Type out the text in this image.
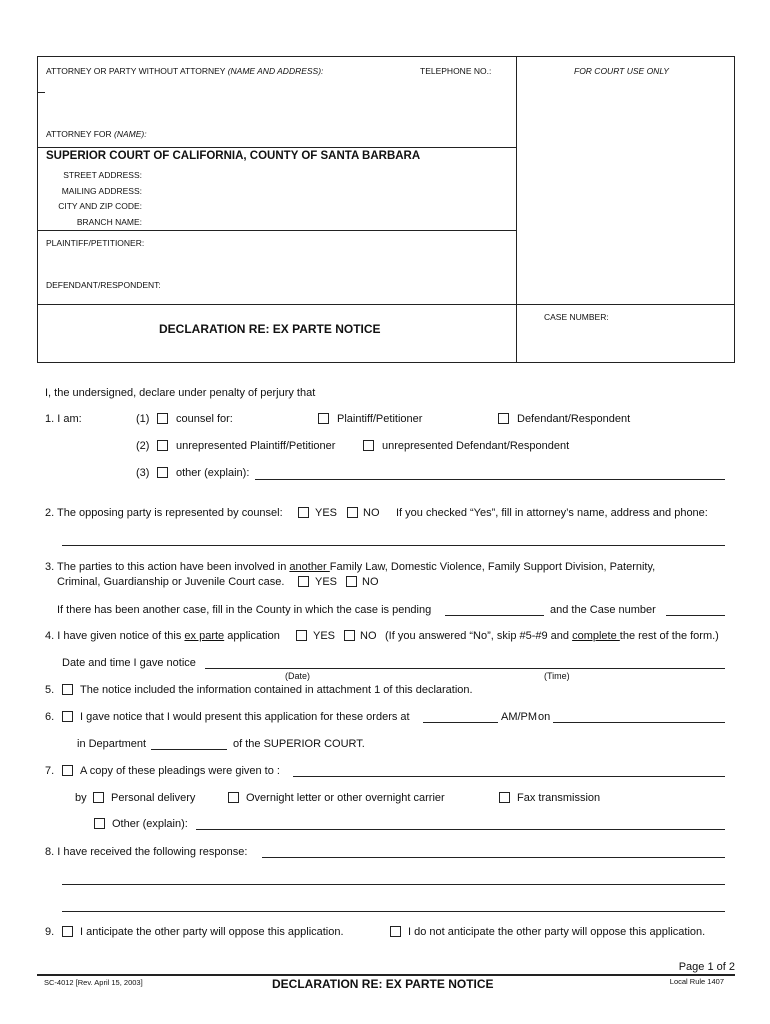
ATTORNEY OR PARTY WITHOUT ATTORNEY (NAME AND ADDRESS):	TELEPHONE NO.:	FOR COURT USE ONLY
ATTORNEY FOR (NAME):
SUPERIOR COURT OF CALIFORNIA, COUNTY OF SANTA BARBARA
STREET ADDRESS:
MAILING ADDRESS:
CITY AND ZIP CODE:
BRANCH NAME:
PLAINTIFF/PETITIONER:
DEFENDANT/RESPONDENT:
CASE NUMBER:
DECLARATION RE: EX PARTE NOTICE
I, the undersigned, declare under penalty of perjury that
1. I am:	(1) counsel for:	Plaintiff/Petitioner	Defendant/Respondent
(2) unrepresented Plaintiff/Petitioner	unrepresented Defendant/Respondent
(3) other (explain):
2. The opposing party is represented by counsel:	YES NO If you checked “Yes”, fill in attorney’s name, address and phone:
3. The parties to this action have been involved in another Family Law, Domestic Violence, Family Support Division, Paternity,
Criminal, Guardianship or Juvenile Court case.	YES NO
If there has been another case, fill in the County in which the case is pending	and the Case number
4. I have given notice of this ex parte application	YES NO (If you answered “No”, skip #5-#9 and complete the rest of the form.)
Date and time I gave notice
(Date)	(Time)
5. The notice included the information contained in attachment 1 of this declaration.
6. I gave notice that I would present this application for these orders at	AM/PM on
in Department	of the SUPERIOR COURT.
7. A copy of these pleadings were given to :
by Personal delivery	Overnight letter or other overnight carrier	Fax transmission
Other (explain):
8. I have received the following response:
9. I anticipate the other party will oppose this application.	I do not anticipate the other party will oppose this application.
Page 1 of 2
SC-4012 [Rev. April 15, 2003]	DECLARATION RE: EX PARTE NOTICE	Local Rule 1407
